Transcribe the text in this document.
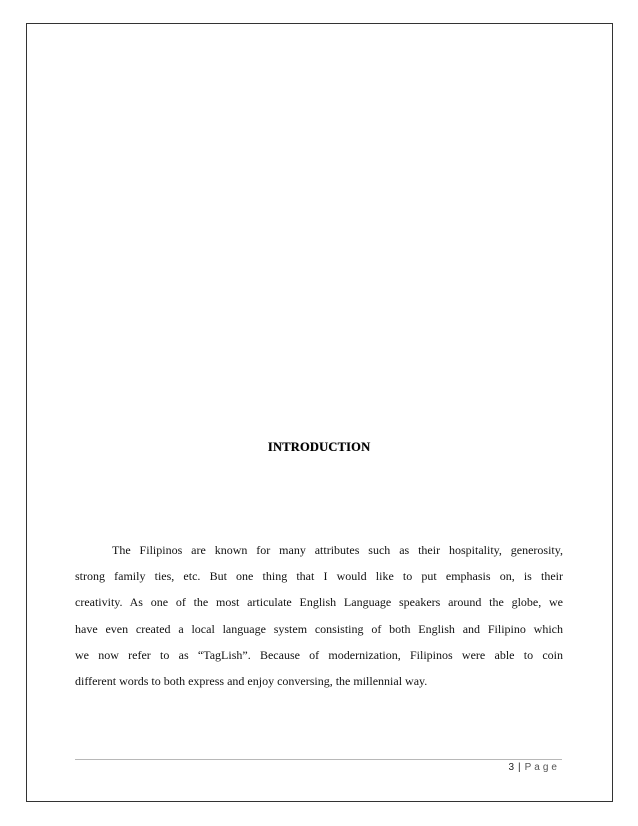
INTRODUCTION
The Filipinos are known for many attributes such as their hospitality, generosity,
strong family ties, etc. But one thing that I would like to put emphasis on, is their
creativity. As one of the most articulate English Language speakers around the globe, we
have even created a local language system consisting of both English and Filipino which
we now refer to as “TagLish”. Because of modernization, Filipinos were able to coin
different words to both express and enjoy conversing, the millennial way.
3 | Page
